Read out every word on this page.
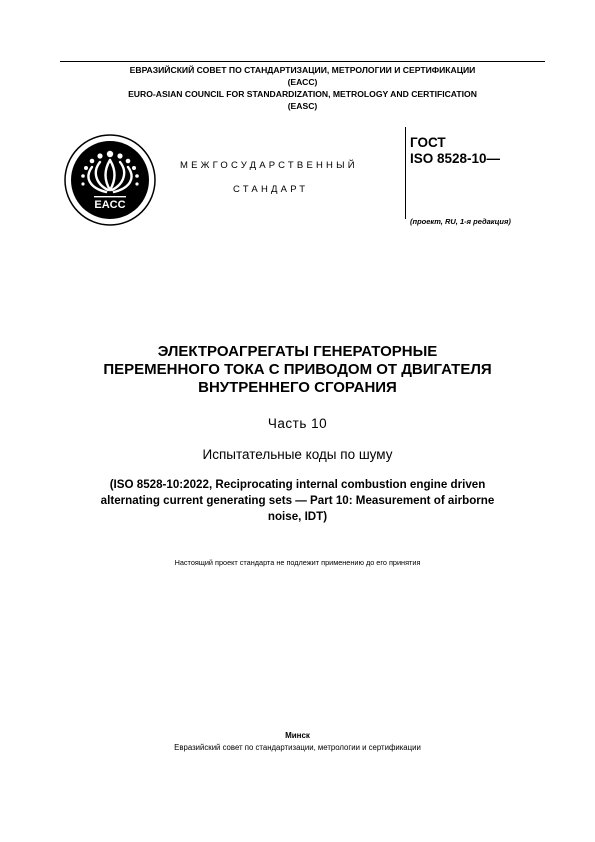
ЕВРАЗИЙСКИЙ СОВЕТ ПО СТАНДАРТИЗАЦИИ, МЕТРОЛОГИИ И СЕРТИФИКАЦИИ
(ЕАСС)
EURO-ASIAN COUNCIL FOR STANDARDIZATION, METROLOGY AND CERTIFICATION
(EASC)
EACC
МЕЖГОСУДАРСТВЕННЫЙ
СТАНДАРТ
ГОСТ
ISO 8528-10—
(проект, RU, 1-я редакция)
ЭЛЕКТРОАГРЕГАТЫ ГЕНЕРАТОРНЫЕ
ПЕРЕМЕННОГО ТОКА С ПРИВОДОМ ОТ ДВИГАТЕЛЯ
ВНУТРЕННЕГО СГОРАНИЯ
Часть 10
Испытательные коды по шуму
(ISO 8528-10:2022, Reciprocating internal combustion engine driven
alternating current generating sets — Part 10: Measurement of airborne
noise, IDT)
Настоящий проект стандарта не подлежит применению до его принятия
Минск
Евразийский совет по стандартизации, метрологии и сертификации
